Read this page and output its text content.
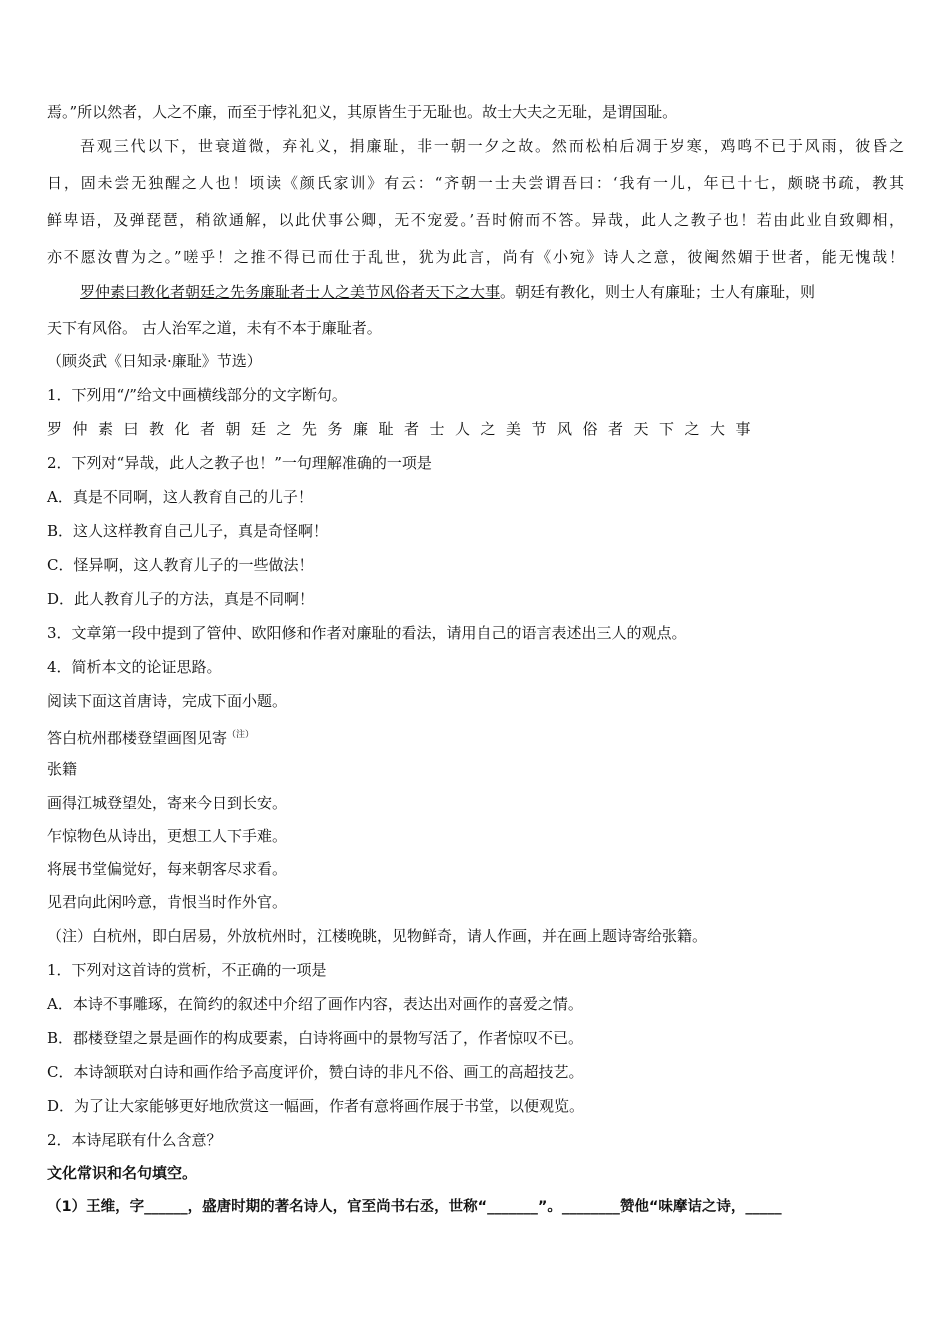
焉。”所以然者，人之不廉，而至于悖礼犯义，其原皆生于无耻也。故士大夫之无耻，是谓国耻。
吾观三代以下，世衰道微，弃礼义，捐廉耻，非一朝一夕之故。然而松柏后凋于岁寒，鸡鸣不已于风雨，彼昏之
日，固未尝无独醒之人也！顷读《颜氏家训》有云：“齐朝一士夫尝谓吾曰：‘我有一儿，年已十七，颇晓书疏，教其
鲜卑语，及弹琵琶，稍欲通解，以此伏事公卿，无不宠爱。’吾时俯而不答。异哉，此人之教子也！若由此业自致卿相，
亦不愿汝曹为之。”嗟乎！之推不得已而仕于乱世，犹为此言，尚有《小宛》诗人之意，彼阉然媚于世者，能无愧哉！
罗仲素曰教化者朝廷之先务廉耻者士人之美节风俗者天下之大事。朝廷有教化，则士人有廉耻；士人有廉耻，则
天下有风俗。 古人治军之道，未有不本于廉耻者。
（顾炎武《日知录·廉耻》节选）
1．下列用“/”给文中画横线部分的文字断句。
罗仲素曰教化者朝廷之先务廉耻者士人之美节风俗者天下之大事
2．下列对“异哉，此人之教子也！”一句理解准确的一项是
A．真是不同啊，这人教育自己的儿子！
B．这人这样教育自己儿子，真是奇怪啊！
C．怪异啊，这人教育儿子的一些做法！
D．此人教育儿子的方法，真是不同啊！
3．文章第一段中提到了管仲、欧阳修和作者对廉耻的看法，请用自己的语言表述出三人的观点。
4．简析本文的论证思路。
阅读下面这首唐诗，完成下面小题。
答白杭州郡楼登望画图见寄$^{(注)}$
张籍
画得江城登望处，寄来今日到长安。
乍惊物色从诗出，更想工人下手难。
将展书堂偏觉好，每来朝客尽求看。
见君向此闲吟意，肯恨当时作外官。
（注）白杭州，即白居易，外放杭州时，江楼晚眺，见物鲜奇，请人作画，并在画上题诗寄给张籍。
1．下列对这首诗的赏析，不正确的一项是
A．本诗不事雕琢，在简约的叙述中介绍了画作内容，表达出对画作的喜爱之情。
B．郡楼登望之景是画作的构成要素，白诗将画中的景物写活了，作者惊叹不已。
C．本诗颔联对白诗和画作给予高度评价，赞白诗的非凡不俗、画工的高超技艺。
D．为了让大家能够更好地欣赏这一幅画，作者有意将画作展于书堂，以便观览。
2．本诗尾联有什么含意？
文化常识和名句填空。
（1）王维，字______，盛唐时期的著名诗人，官至尚书右丞，世称“_______”。________赞他“味摩诘之诗，_____
